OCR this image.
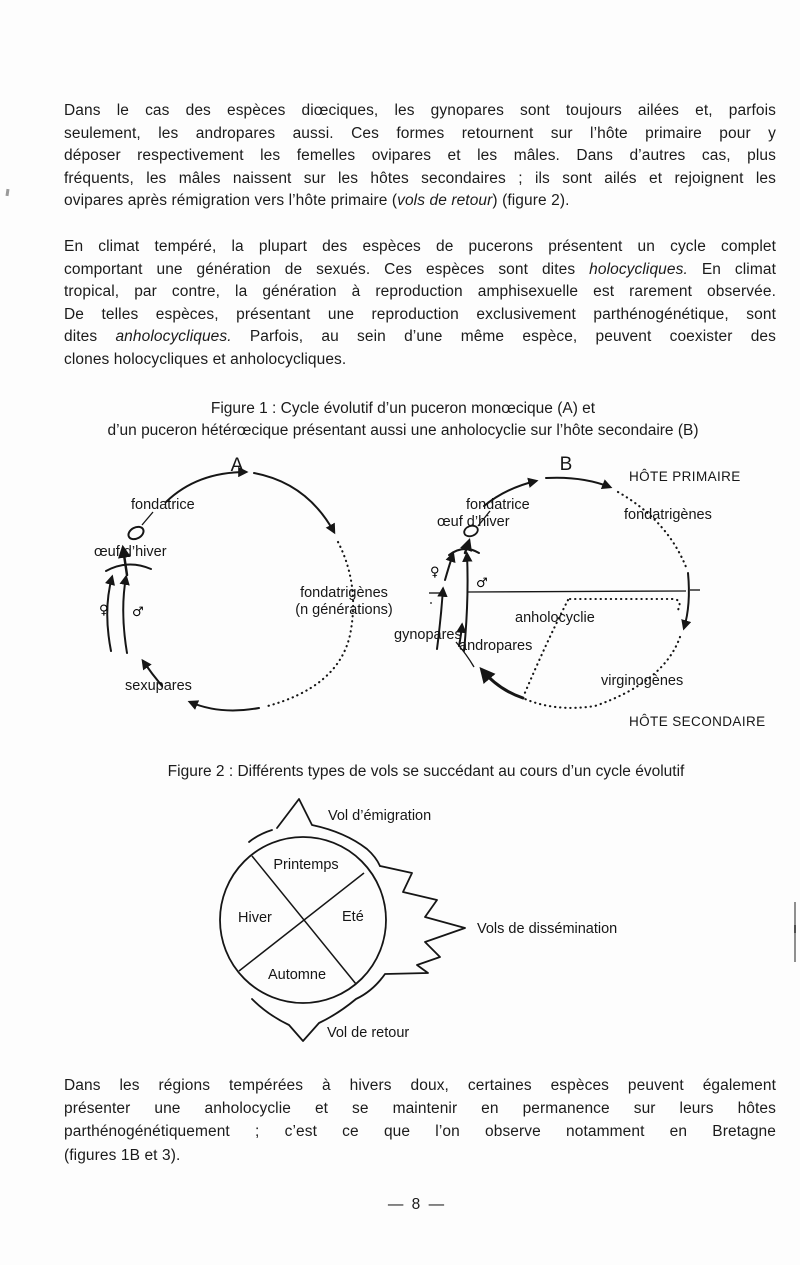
Dans le cas des espèces diœciques, les gynopares sont toujours ailées et, parfois
seulement, les andropares aussi. Ces formes retournent sur l’hôte primaire pour y
déposer respectivement les femelles ovipares et les mâles. Dans d’autres cas, plus
fréquents, les mâles naissent sur les hôtes secondaires ; ils sont ailés et rejoignent les
ovipares après rémigration vers l’hôte primaire (vols de retour) (figure 2).
En climat tempéré, la plupart des espèces de pucerons présentent un cycle complet
comportant une génération de sexués. Ces espèces sont dites holocycliques. En climat
tropical, par contre, la génération à reproduction amphisexuelle est rarement observée.
De telles espèces, présentant une reproduction exclusivement parthénogénétique, sont
dites anholocycliques. Parfois, au sein d’une même espèce, peuvent coexister des
clones holocycliques et anholocycliques.
Figure 1 : Cycle évolutif d’un puceron monœcique (A) et
d’un puceron hétérœcique présentant aussi une anholocyclie sur l’hôte secondaire (B)
A
fondatrice
œuf d’hiver
♀ ♂
fondatrigènes
(n générations)
sexupares
B
HÔTE PRIMAIRE
fondatrice
œuf d’hiver	fondatrigènes
♀
♂
gynopares
andropares
anholocyclie
virginogènes
HÔTE SECONDAIRE
Figure 2 : Différents types de vols se succédant au cours d’un cycle évolutif
Printemps
Hiver	Eté
Automne
Vol d’émigration
Vols de dissémination
Vol de retour
Dans les régions tempérées à hivers doux, certaines espèces peuvent également
présenter une anholocyclie et se maintenir en permanence sur leurs hôtes
parthénogénétiquement ; c’est ce que l’on observe notamment en Bretagne
(figures 1B et 3).
— 8 —
